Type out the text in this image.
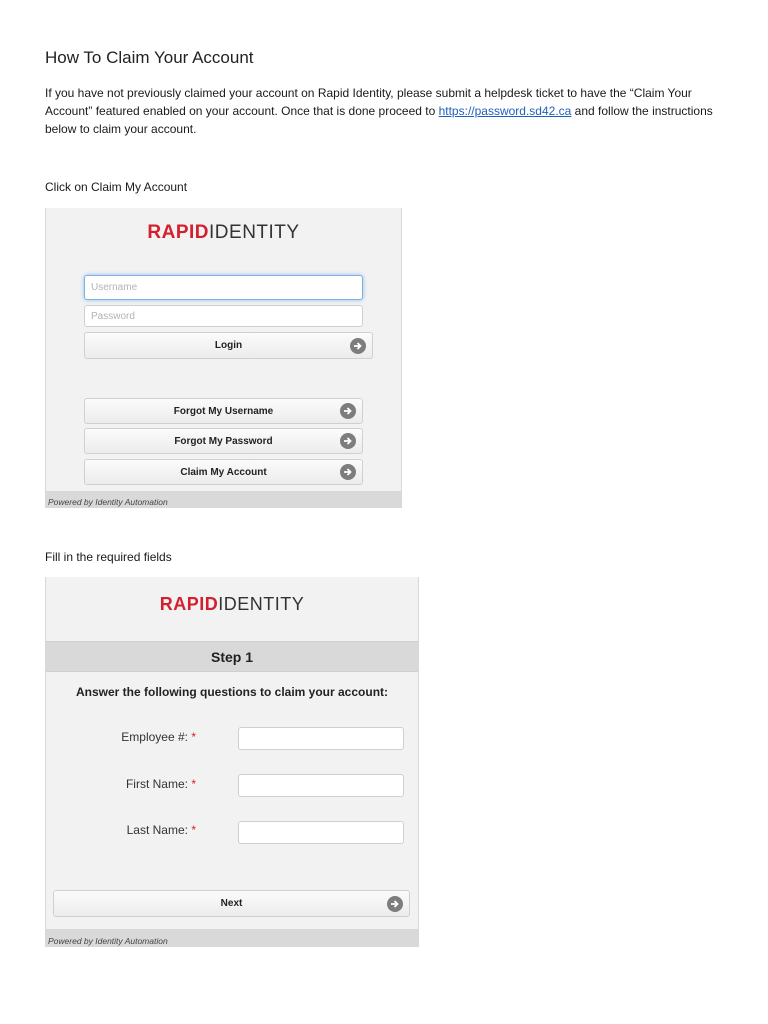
How To Claim Your Account

If you have not previously claimed your account on Rapid Identity, please submit a helpdesk ticket to have the “Claim Your Account” featured enabled on your account. Once that is done proceed to https://password.sd42.ca and follow the instructions below to claim your account.

Click on Claim My Account

RAPIDIDENTITY
Username
Password
Login
Forgot My Username
Forgot My Password
Claim My Account
Powered by Identity Automation

Fill in the required fields

RAPIDIDENTITY
Step 1
Answer the following questions to claim your account:
Employee #: *
First Name: *
Last Name: *
Next
Powered by Identity Automation
